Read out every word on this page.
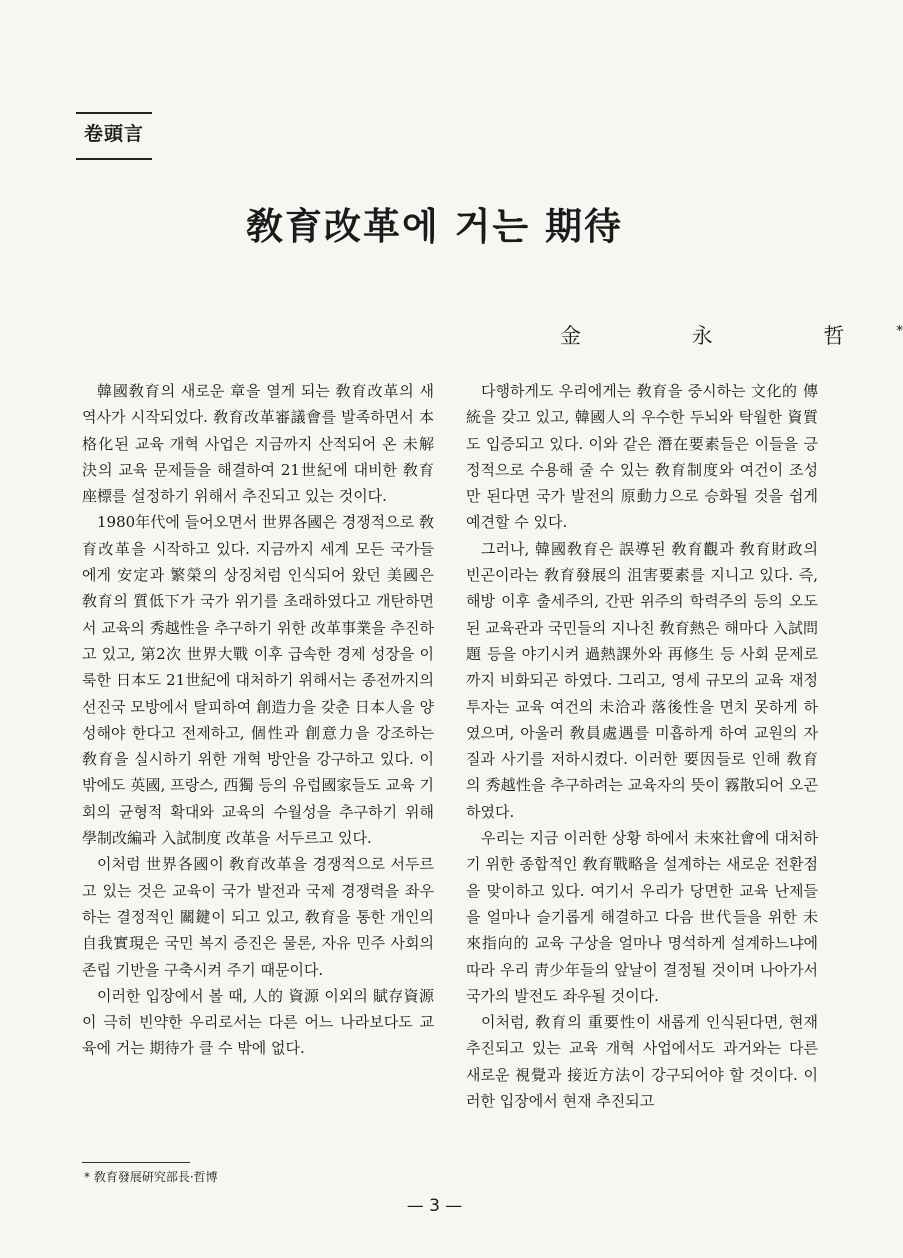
卷頭言
敎育改革에 거는 期待
金 永 哲*

韓國敎育의 새로운 章을 열게 되는 敎育改革의 새 역사가 시작되었다. 敎育改革審議會를 발족하면서 本格化된 교육 개혁 사업은 지금까지 산적되어 온 未解決의 교육 문제들을 해결하여 21世紀에 대비한 敎育座標를 설정하기 위해서 추진되고 있는 것이다.

1980年代에 들어오면서 世界各國은 경쟁적으로 敎育改革을 시작하고 있다. 지금까지 세계 모든 국가들에게 安定과 繁榮의 상징처럼 인식되어 왔던 美國은 敎育의 質低下가 국가 위기를 초래하였다고 개탄하면서 교육의 秀越性을 추구하기 위한 改革事業을 추진하고 있고, 第2次 世界大戰 이후 급속한 경제 성장을 이룩한 日本도 21世紀에 대처하기 위해서는 종전까지의 선진국 모방에서 탈피하여 創造力을 갖춘 日本人을 양성해야 한다고 전제하고, 個性과 創意力을 강조하는 敎育을 실시하기 위한 개혁 방안을 강구하고 있다. 이 밖에도 英國, 프랑스, 西獨 등의 유럽國家들도 교육 기회의 균형적 확대와 교육의 수월성을 추구하기 위해 學制改編과 入試制度 改革을 서두르고 있다.

이처럼 世界各國이 敎育改革을 경쟁적으로 서두르고 있는 것은 교육이 국가 발전과 국제 경쟁력을 좌우하는 결정적인 關鍵이 되고 있고, 敎育을 통한 개인의 自我實現은 국민 복지 증진은 물론, 자유 민주 사회의 존립 기반을 구축시켜 주기 때문이다.

이러한 입장에서 볼 때, 人的 資源 이외의 賦存資源이 극히 빈약한 우리로서는 다른 어느 나라보다도 교육에 거는 期待가 클 수 밖에 없다.

다행하게도 우리에게는 敎育을 중시하는 文化的 傳統을 갖고 있고, 韓國人의 우수한 두뇌와 탁월한 資質도 입증되고 있다. 이와 같은 潛在要素들은 이들을 긍정적으로 수용해 줄 수 있는 敎育制度와 여건이 조성만 된다면 국가 발전의 原動力으로 승화될 것을 쉽게 예견할 수 있다.

그러나, 韓國敎育은 誤導된 敎育觀과 敎育財政의 빈곤이라는 敎育發展의 沮害要素를 지니고 있다. 즉, 해방 이후 출세주의, 간판 위주의 학력주의 등의 오도된 교육관과 국민들의 지나친 敎育熱은 해마다 入試問題 등을 야기시켜 過熱課外와 再修生 등 사회 문제로까지 비화되곤 하였다. 그리고, 영세 규모의 교육 재정 투자는 교육 여건의 未洽과 落後性을 면치 못하게 하였으며, 아울러 敎員處遇를 미흡하게 하여 교원의 자질과 사기를 저하시켰다. 이러한 要因들로 인해 敎育의 秀越性을 추구하려는 교육자의 뜻이 霧散되어 오곤 하였다.

우리는 지금 이러한 상황 하에서 未來社會에 대처하기 위한 종합적인 敎育戰略을 설계하는 새로운 전환점을 맞이하고 있다. 여기서 우리가 당면한 교육 난제들을 얼마나 슬기롭게 해결하고 다음 世代들을 위한 未來指向的 교육 구상을 얼마나 명석하게 설계하느냐에 따라 우리 靑少年들의 앞날이 결정될 것이며 나아가서 국가의 발전도 좌우될 것이다.

이처럼, 敎育의 重要性이 새롭게 인식된다면, 현재 추진되고 있는 교육 개혁 사업에서도 과거와는 다른 새로운 視覺과 接近方法이 강구되어야 할 것이다. 이러한 입장에서 현재 추진되고

* 敎育發展硏究部長·哲博
— 3 —
